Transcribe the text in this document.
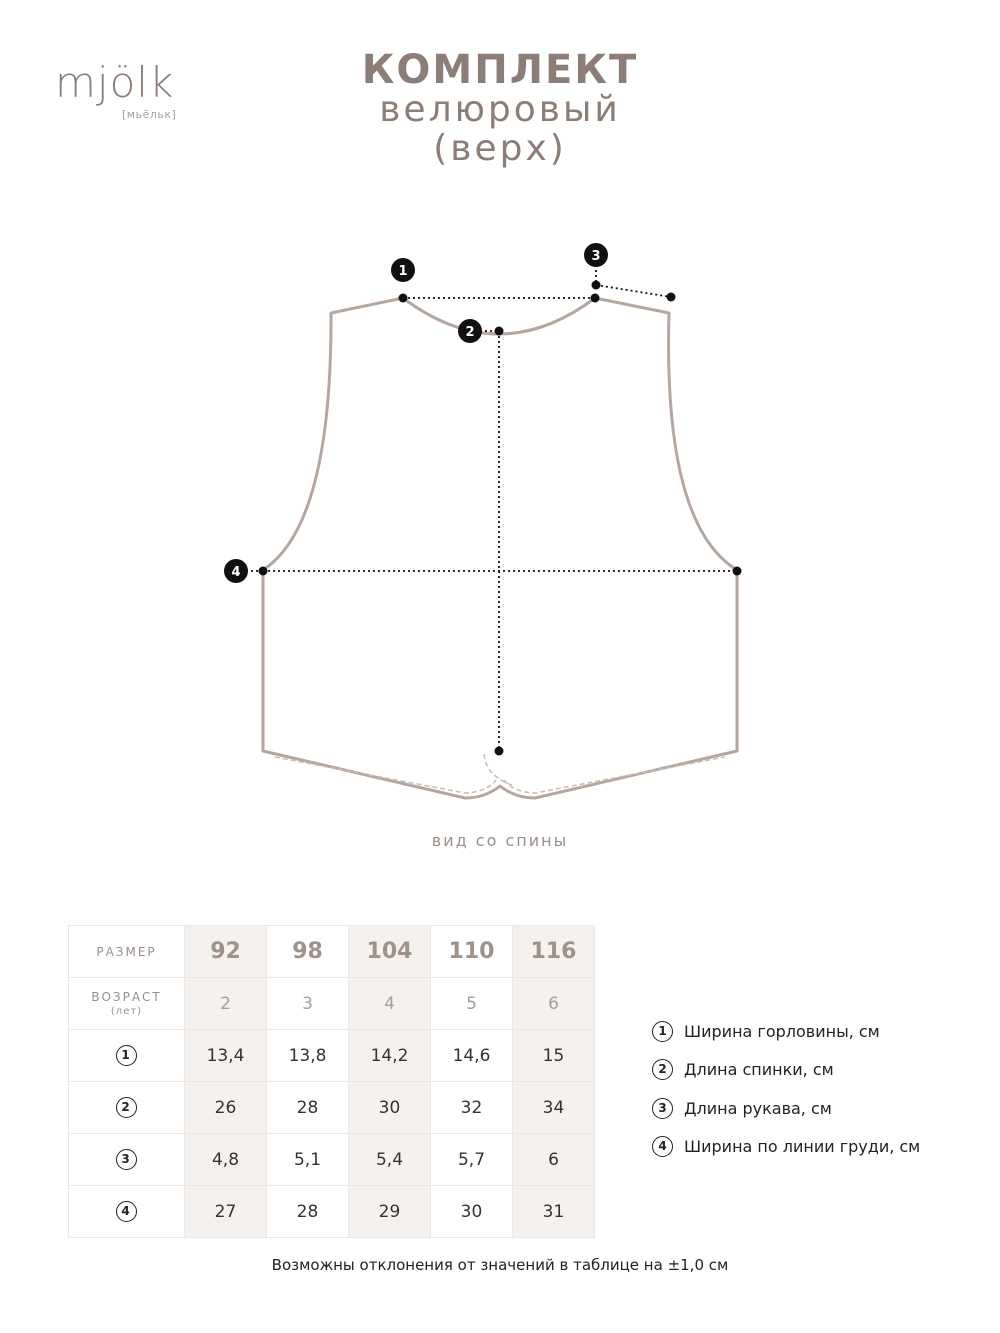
mjölk
[мьёльк]
КОМПЛЕКТ
велюровый
(верх)
1
2
3
4
вид со спины
РАЗМЕР	92	98	104	110	116
ВОЗРАСТ
(лет)	2	3	4	5	6
1	13,4	13,8	14,2	14,6	15
2	26	28	30	32	34
3	4,8	5,1	5,4	5,7	6
4	27	28	29	30	31
1	Ширина горловины, см
2	Длина спинки, см
3	Длина рукава, см
4	Ширина по линии груди, см
Возможны отклонения от значений в таблице на ±1,0 см
